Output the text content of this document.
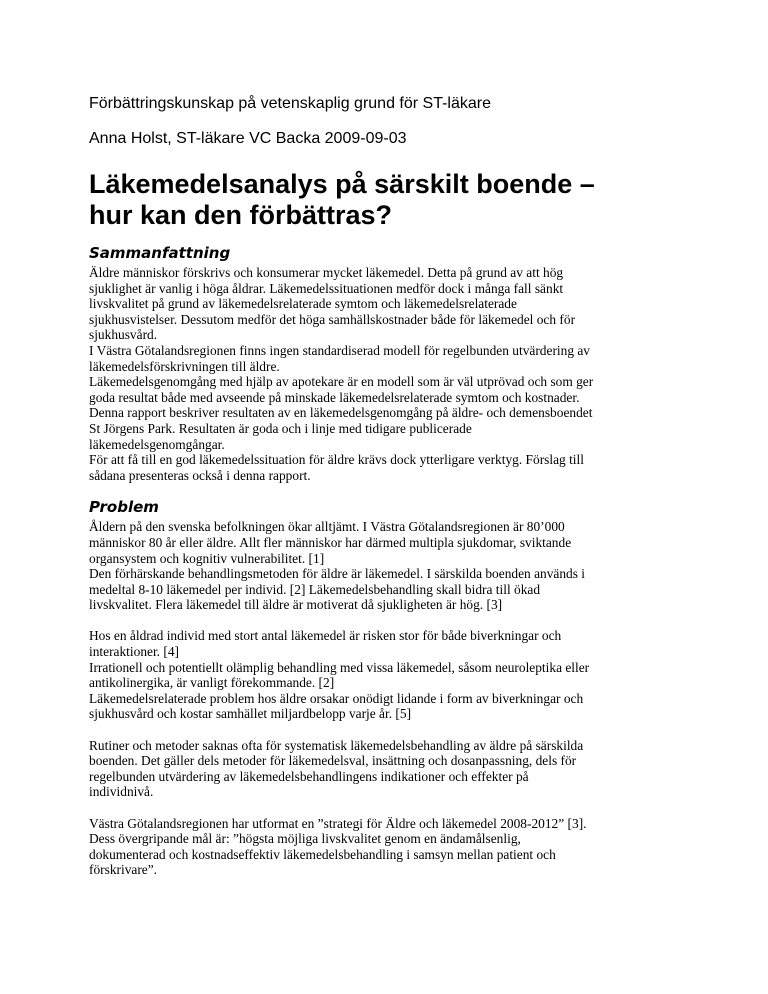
Förbättringskunskap på vetenskaplig grund för ST-läkare

Anna Holst, ST-läkare VC Backa 2009-09-03

Läkemedelsanalys på särskilt boende –
hur kan den förbättras?
Sammanfattning

Äldre människor förskrivs och konsumerar mycket läkemedel. Detta på grund av att hög
sjuklighet är vanlig i höga åldrar. Läkemedelssituationen medför dock i många fall sänkt
livskvalitet på grund av läkemedelsrelaterade symtom och läkemedelsrelaterade
sjukhusvistelser. Dessutom medför det höga samhällskostnader både för läkemedel och för
sjukhusvård.
I Västra Götalandsregionen finns ingen standardiserad modell för regelbunden utvärdering av
läkemedelsförskrivningen till äldre.
Läkemedelsgenomgång med hjälp av apotekare är en modell som är väl utprövad och som ger
goda resultat både med avseende på minskade läkemedelsrelaterade symtom och kostnader.
Denna rapport beskriver resultaten av en läkemedelsgenomgång på äldre- och demensboendet
St Jörgens Park. Resultaten är goda och i linje med tidigare publicerade
läkemedelsgenomgångar.
För att få till en god läkemedelssituation för äldre krävs dock ytterligare verktyg. Förslag till
sådana presenteras också i denna rapport.

Problem

Åldern på den svenska befolkningen ökar alltjämt. I Västra Götalandsregionen är 80’000
människor 80 år eller äldre. Allt fler människor har därmed multipla sjukdomar, sviktande
organsystem och kognitiv vulnerabilitet. [1]
Den förhärskande behandlingsmetoden för äldre är läkemedel. I särskilda boenden används i
medeltal 8-10 läkemedel per individ. [2] Läkemedelsbehandling skall bidra till ökad
livskvalitet. Flera läkemedel till äldre är motiverat då sjukligheten är hög. [3]

Hos en åldrad individ med stort antal läkemedel är risken stor för både biverkningar och
interaktioner. [4]
Irrationell och potentiellt olämplig behandling med vissa läkemedel, såsom neuroleptika eller
antikolinergika, är vanligt förekommande. [2]
Läkemedelsrelaterade problem hos äldre orsakar onödigt lidande i form av biverkningar och
sjukhusvård och kostar samhället miljardbelopp varje år. [5]

Rutiner och metoder saknas ofta för systematisk läkemedelsbehandling av äldre på särskilda
boenden. Det gäller dels metoder för läkemedelsval, insättning och dosanpassning, dels för
regelbunden utvärdering av läkemedelsbehandlingens indikationer och effekter på
individnivå.

Västra Götalandsregionen har utformat en ”strategi för Äldre och läkemedel 2008-2012” [3].
Dess övergripande mål är: ”högsta möjliga livskvalitet genom en ändamålsenlig,
dokumenterad och kostnadseffektiv läkemedelsbehandling i samsyn mellan patient och
förskrivare”.
